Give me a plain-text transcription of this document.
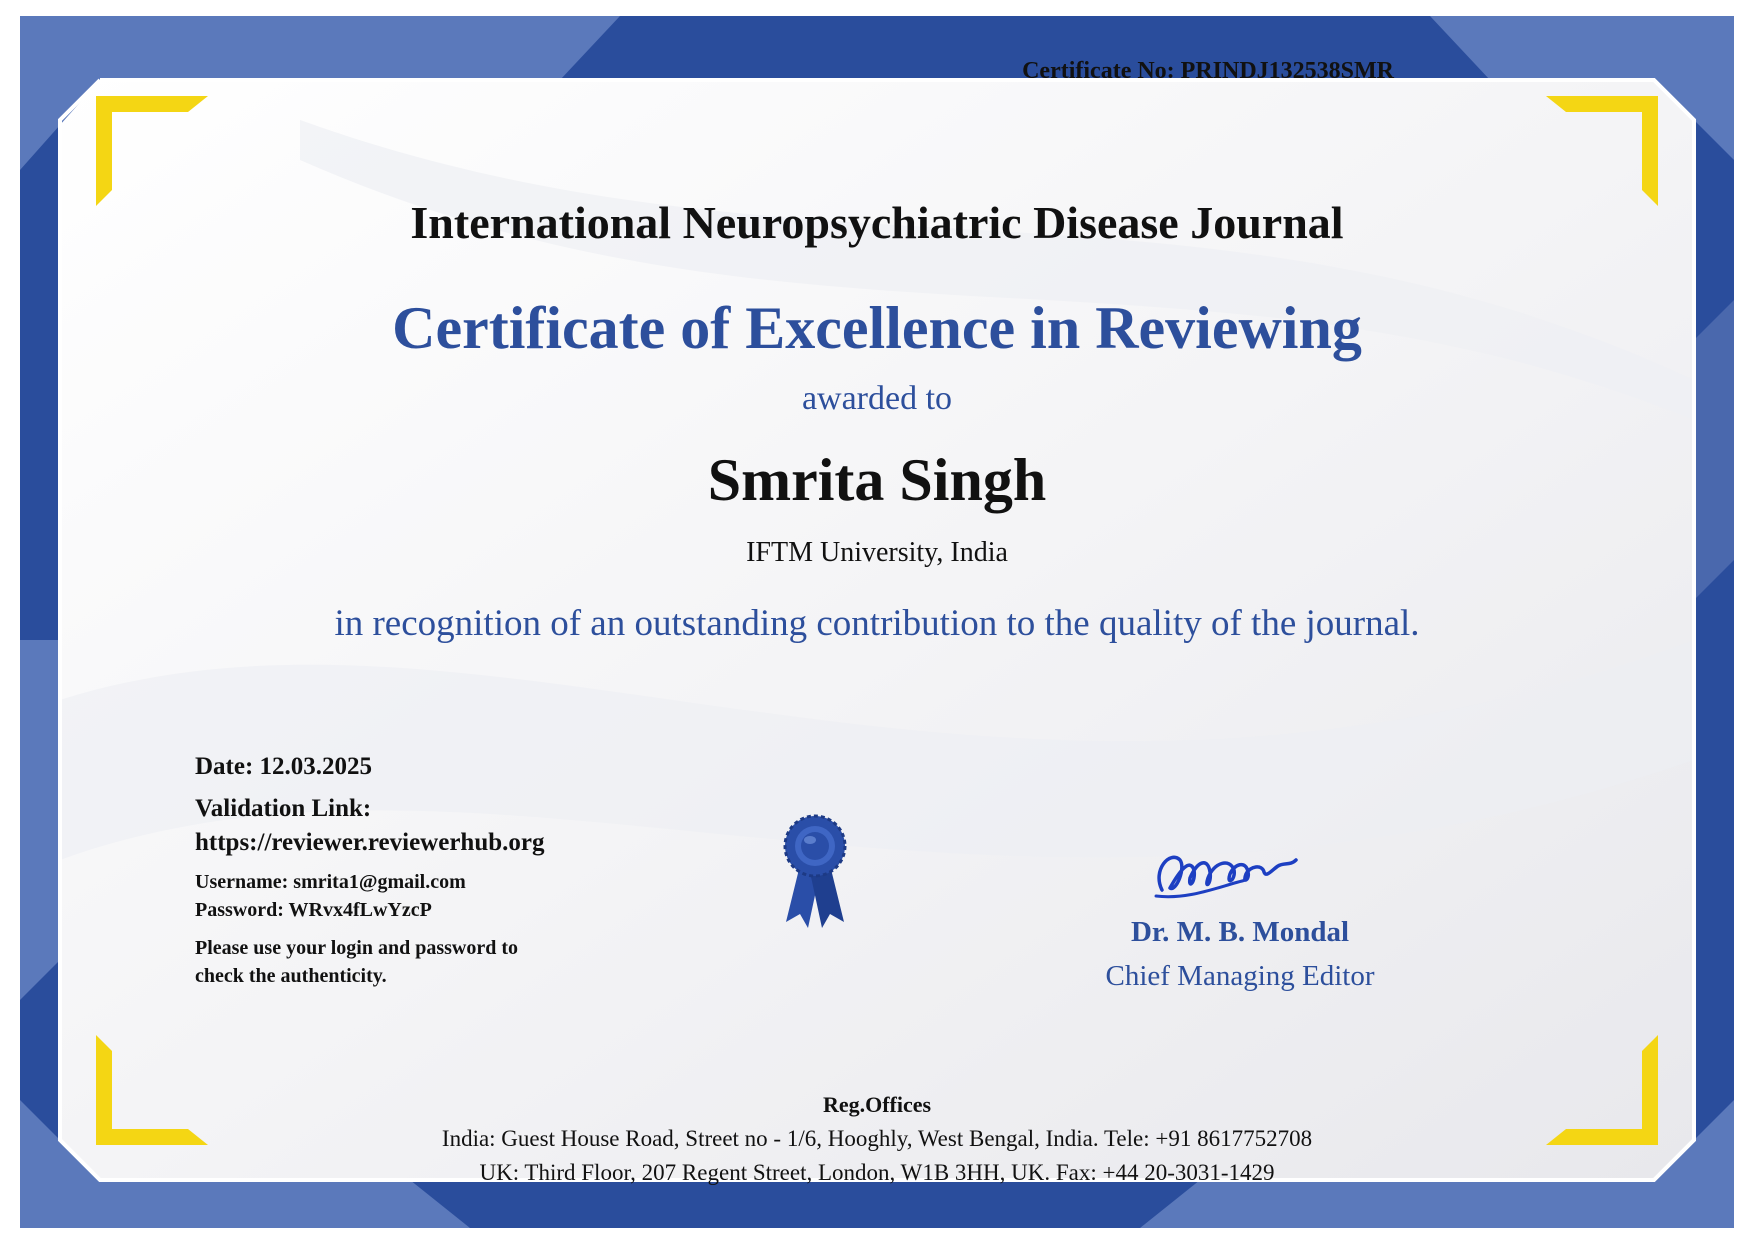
Certificate No: PRINDJ132538SMR

International Neuropsychiatric Disease Journal
Certificate of Excellence in Reviewing

awarded to

Smrita Singh

IFTM University, India

in recognition of an outstanding contribution to the quality of the journal.

Date: 12.03.2025
Validation Link:
https://reviewer.reviewerhub.org
Username: smrita1@gmail.com
Password: WRvx4fLwYzcP
Please use your login and password to
check the authenticity.

Dr. M. B. Mondal

Chief Managing Editor

Reg.Offices

India: Guest House Road, Street no - 1/6, Hooghly, West Bengal, India. Tele: +91 8617752708

UK: Third Floor, 207 Regent Street, London, W1B 3HH, UK. Fax: +44 20-3031-1429
